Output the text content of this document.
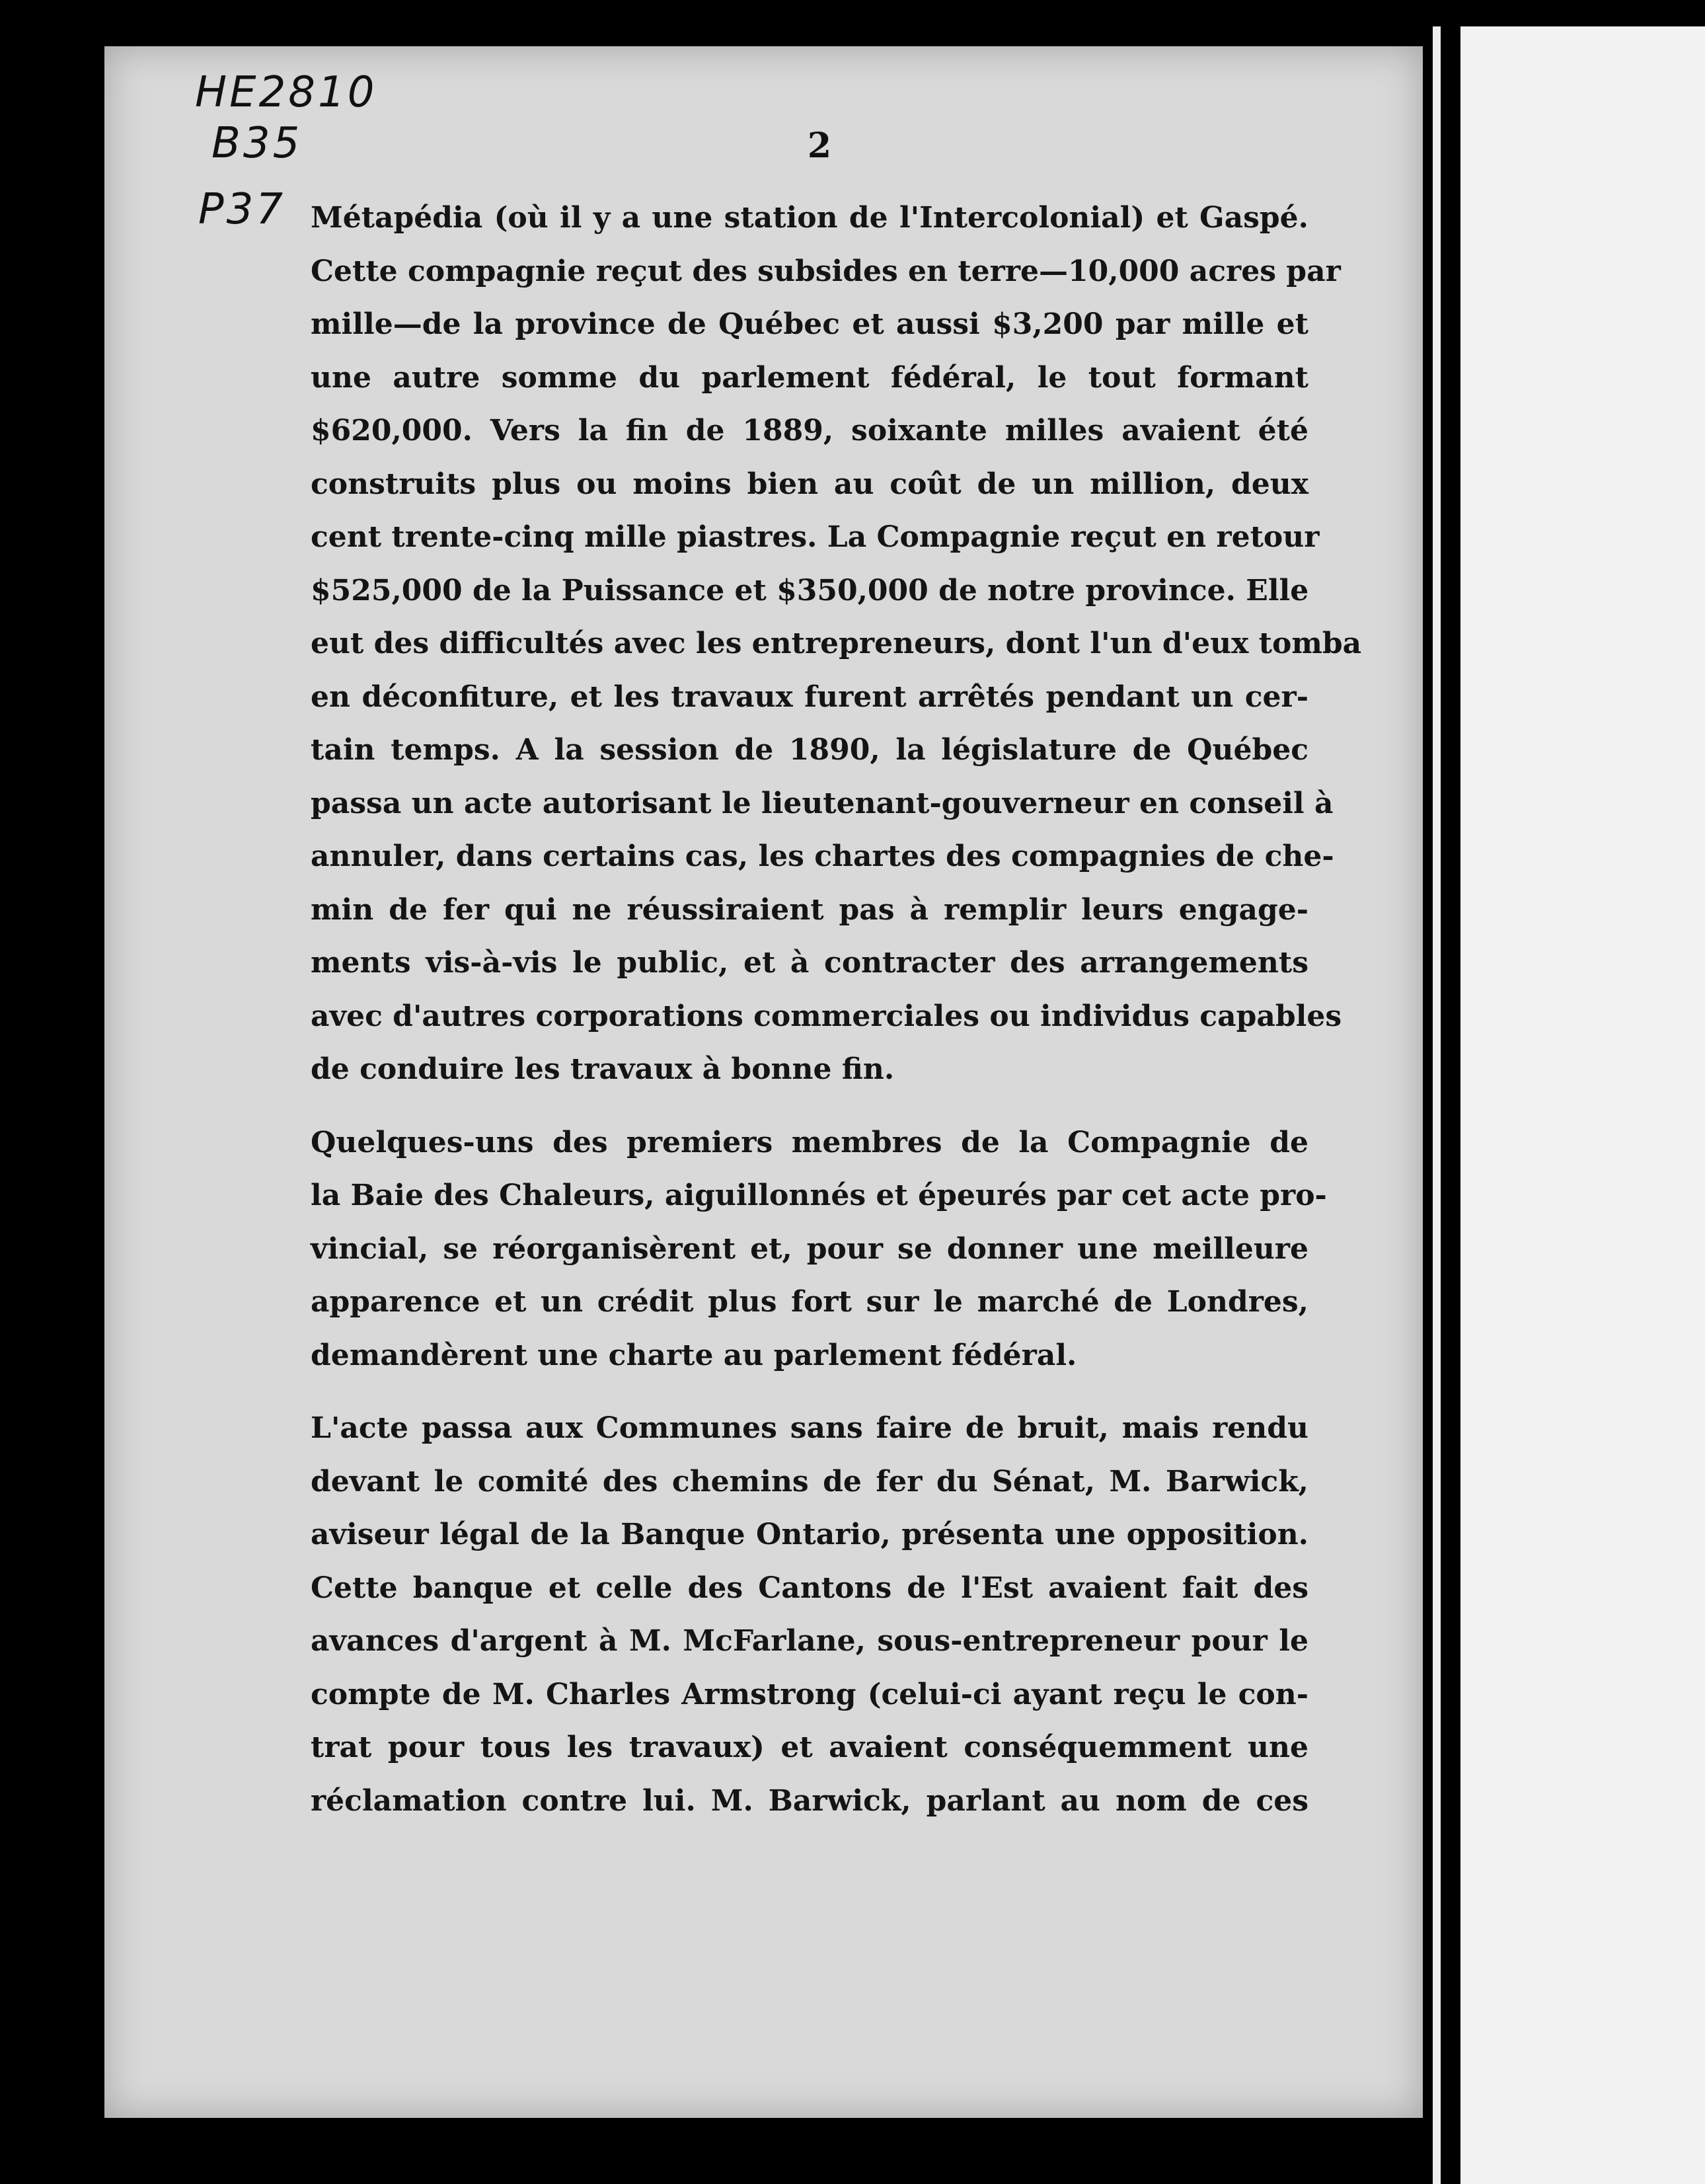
HE2810
B35
P37
2
Métapédia (où il y a une station de l'Intercolonial) et Gaspé.
Cette compagnie reçut des subsides en terre—10,000 acres par
mille—de la province de Québec et aussi $3,200 par mille et
une autre somme du parlement fédéral, le tout formant
$620,000. Vers la fin de 1889, soixante milles avaient été
construits plus ou moins bien au coût de un million, deux
cent trente-cinq mille piastres. La Compagnie reçut en retour
$525,000 de la Puissance et $350,000 de notre province. Elle
eut des difficultés avec les entrepreneurs, dont l'un d'eux tomba
en déconfiture, et les travaux furent arrêtés pendant un cer-
tain temps. A la session de 1890, la législature de Québec
passa un acte autorisant le lieutenant-gouverneur en conseil à
annuler, dans certains cas, les chartes des compagnies de che-
min de fer qui ne réussiraient pas à remplir leurs engage-
ments vis-à-vis le public, et à contracter des arrangements
avec d'autres corporations commerciales ou individus capables
de conduire les travaux à bonne fin.
Quelques-uns des premiers membres de la Compagnie de
la Baie des Chaleurs, aiguillonnés et épeurés par cet acte pro-
vincial, se réorganisèrent et, pour se donner une meilleure
apparence et un crédit plus fort sur le marché de Londres,
demandèrent une charte au parlement fédéral.
L'acte passa aux Communes sans faire de bruit, mais rendu
devant le comité des chemins de fer du Sénat, M. Barwick,
aviseur légal de la Banque Ontario, présenta une opposition.
Cette banque et celle des Cantons de l'Est avaient fait des
avances d'argent à M. McFarlane, sous-entrepreneur pour le
compte de M. Charles Armstrong (celui-ci ayant reçu le con-
trat pour tous les travaux) et avaient conséquemment une
réclamation contre lui. M. Barwick, parlant au nom de ces
